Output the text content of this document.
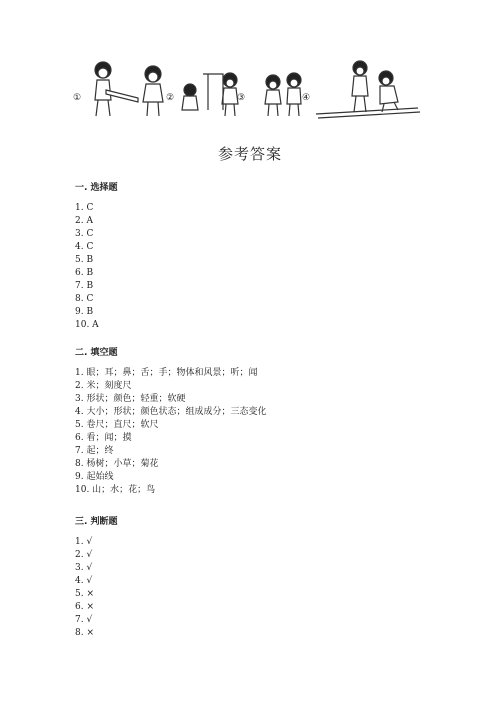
①	②	③	④
参考答案
一. 选择题
1. C
2. A
3. C
4. C
5. B
6. B
7. B
8. C
9. B
10. A
二. 填空题
1. 眼；耳；鼻；舌；手；物体和风景；听；闻
2. 米；刻度尺
3. 形状；颜色；轻重；软硬
4. 大小；形状；颜色状态；组成成分；三态变化
5. 卷尺；直尺；软尺
6. 看；闻；摸
7. 起；终
8. 杨树；小草；菊花
9. 起始线
10. 山；水；花；鸟
三. 判断题
1. √
2. √
3. √
4. √
5. ×
6. ×
7. √
8. ×
